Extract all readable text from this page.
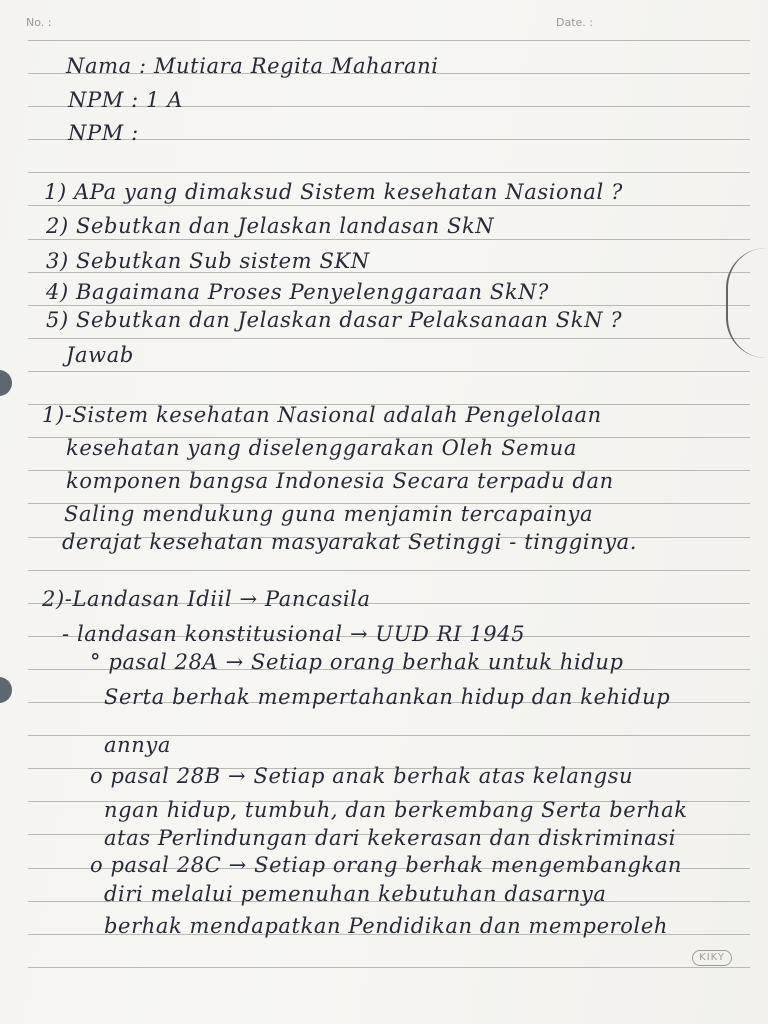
No. :	Date. :
Nama : Mutiara Regita Maharani
NPM : 1 A
NPM :
1) APa yang dimaksud Sistem kesehatan Nasional ?
2) Sebutkan dan Jelaskan landasan SkN
3) Sebutkan Sub sistem SKN
4) Bagaimana Proses Penyelenggaraan SkN?
5) Sebutkan dan Jelaskan dasar Pelaksanaan SkN ?
Jawab
1)-Sistem kesehatan Nasional adalah Pengelolaan
kesehatan yang diselenggarakan Oleh Semua
komponen bangsa Indonesia Secara terpadu dan
Saling mendukung guna menjamin tercapainya
derajat kesehatan masyarakat Setinggi - tingginya.
2)-Landasan Idiil → Pancasila
- landasan konstitusional → UUD RI 1945
° pasal 28A → Setiap orang berhak untuk hidup
Serta berhak mempertahankan hidup dan kehidup
annya
o pasal 28B → Setiap anak berhak atas kelangsu
ngan hidup, tumbuh, dan berkembang Serta berhak
atas Perlindungan dari kekerasan dan diskriminasi
o pasal 28C → Setiap orang berhak mengembangkan
diri melalui pemenuhan kebutuhan dasarnya
berhak mendapatkan Pendidikan dan memperoleh
KIKY
